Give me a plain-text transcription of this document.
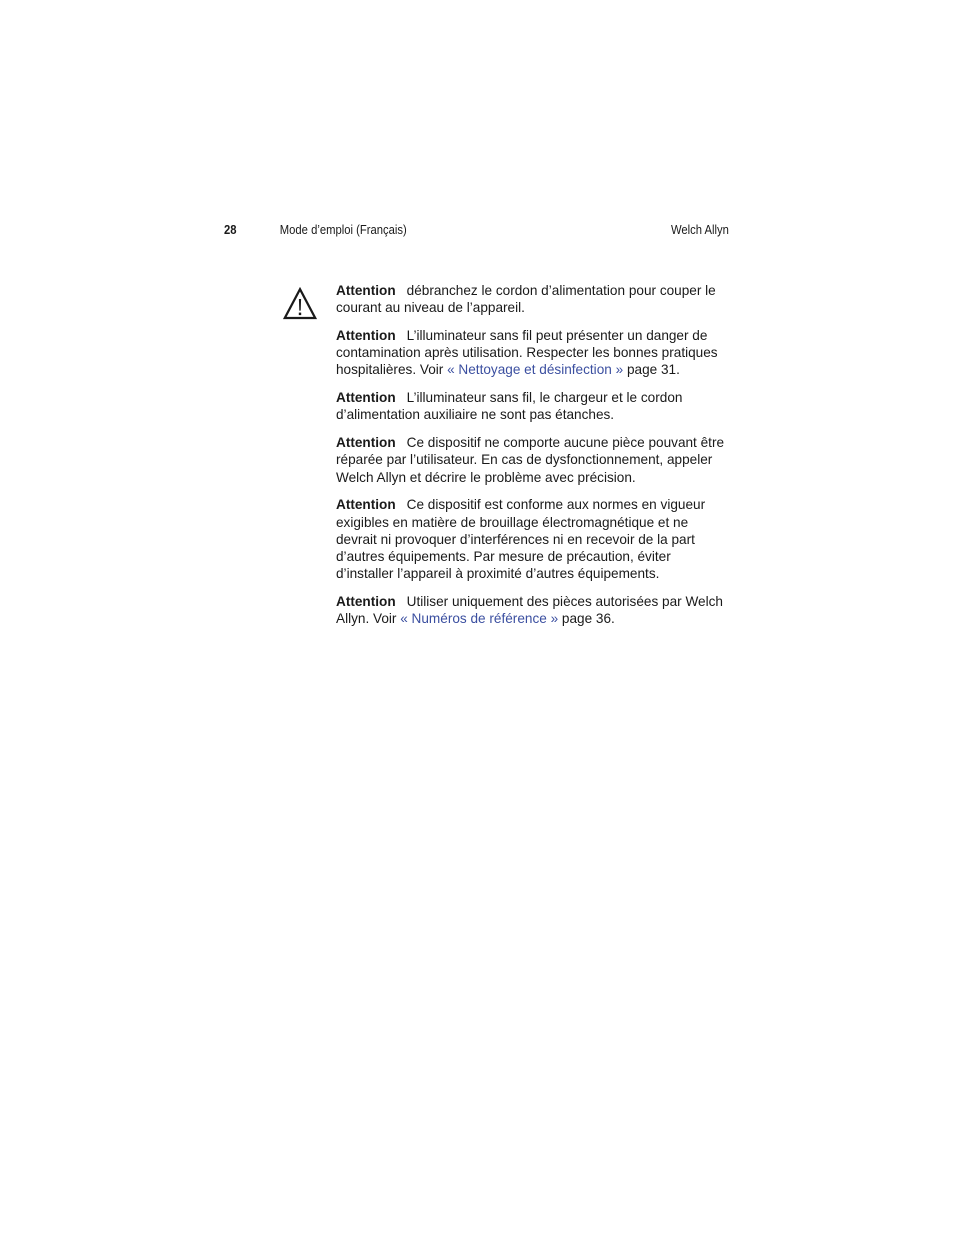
28	Mode d’emploi (Français)	Welch Allyn

Attention débranchez le cordon d’alimentation pour couper le courant au niveau de l’appareil.

Attention L’illuminateur sans fil peut présenter un danger de contamination après utilisation. Respecter les bonnes pratiques hospitalières. Voir « Nettoyage et désinfection » page 31.

Attention L’illuminateur sans fil, le chargeur et le cordon d’alimentation auxiliaire ne sont pas étanches.

Attention Ce dispositif ne comporte aucune pièce pouvant être réparée par l’utilisateur. En cas de dysfonctionnement, appeler Welch Allyn et décrire le problème avec précision.

Attention Ce dispositif est conforme aux normes en vigueur exigibles en matière de brouillage électromagnétique et ne devrait ni provoquer d’interférences ni en recevoir de la part d’autres équipements. Par mesure de précaution, éviter d’installer l’appareil à proximité d’autres équipements.

Attention Utiliser uniquement des pièces autorisées par Welch Allyn. Voir « Numéros de référence » page 36.
